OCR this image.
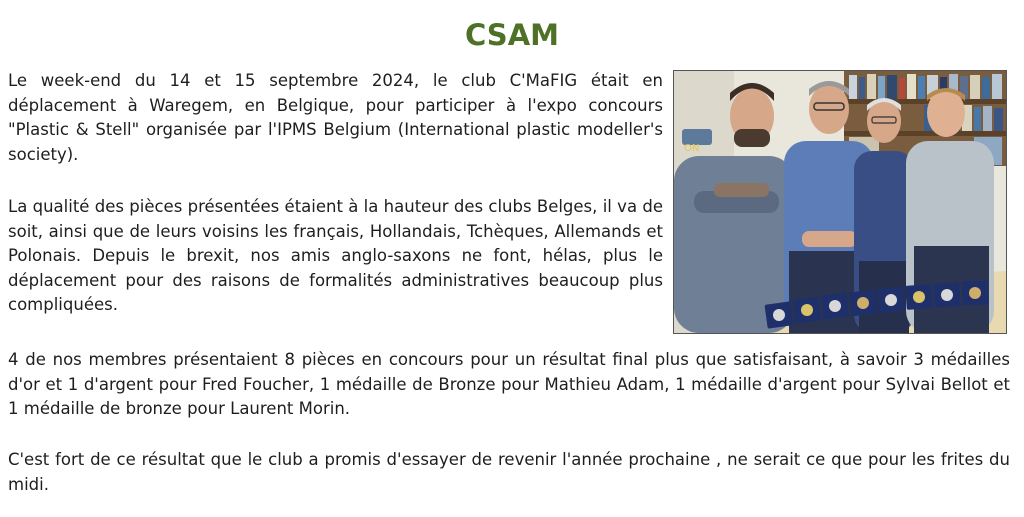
CSAM

Le week-end du 14 et 15 septembre 2024, le club C'MaFIG était en déplacement à Waregem, en Belgique, pour participer à l'expo concours "Plastic & Stell" organisée par l'IPMS Belgium (International plastic modeller's society).

La qualité des pièces présentées étaient à la hauteur des clubs Belges, il va de soit, ainsi que de leurs voisins les français, Hollandais, Tchèques, Allemands et Polonais. Depuis le brexit, nos amis anglo-saxons ne font, hélas, plus le déplacement pour des raisons de formalités administratives beaucoup plus compliquées.

ON

4 de nos membres présentaient 8 pièces en concours pour un résultat final plus que satisfaisant, à savoir 3 médailles d'or et 1 d'argent pour Fred Foucher, 1 médaille de Bronze pour Mathieu Adam, 1 médaille d'argent pour Sylvai Bellot et 1 médaille de bronze pour Laurent Morin.

C'est fort de ce résultat que le club a promis d'essayer de revenir l'année prochaine , ne serait ce que pour les frites du midi.
